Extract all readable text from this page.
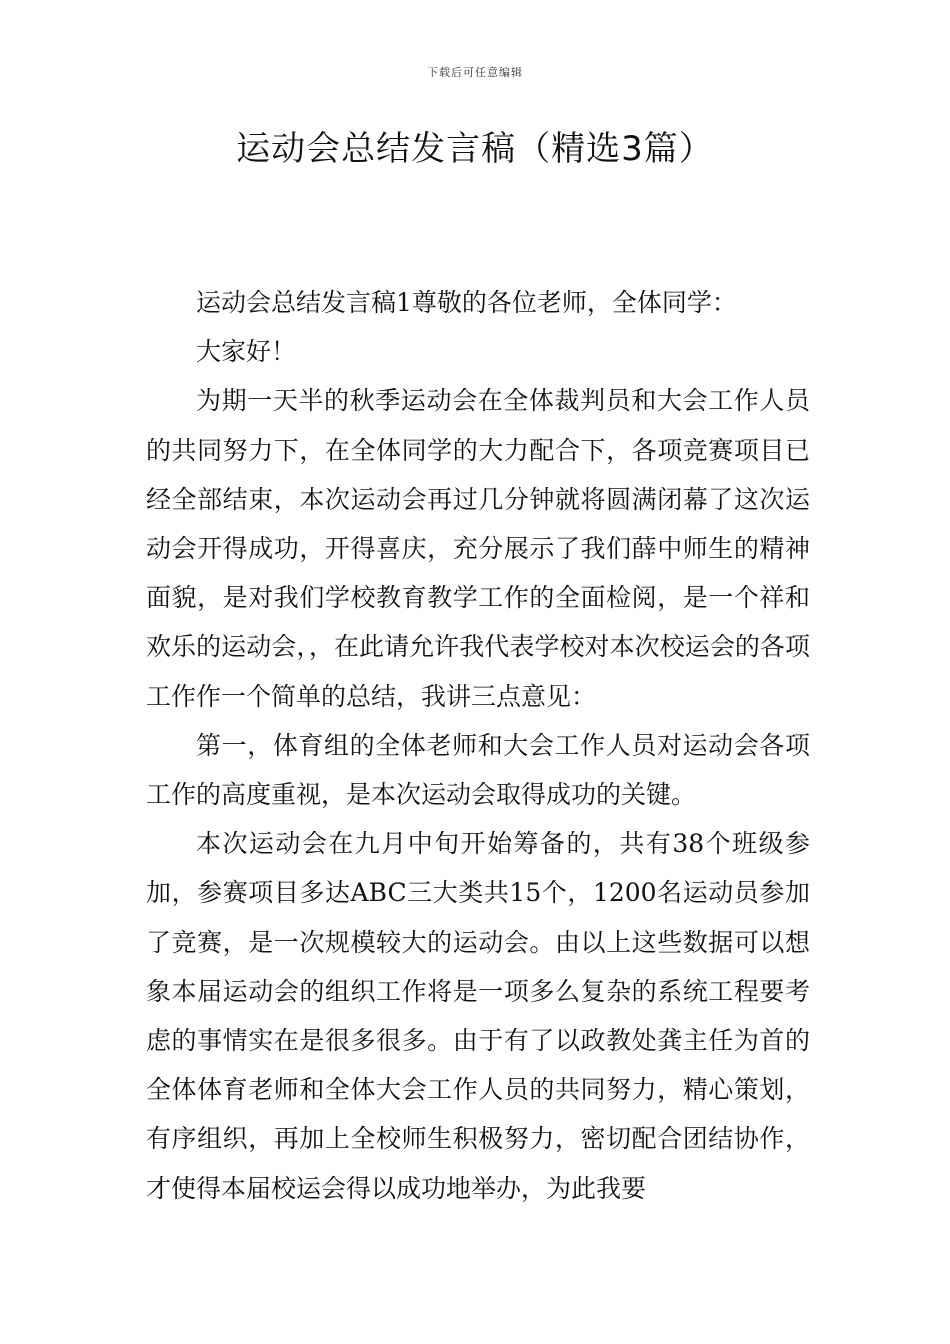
下载后可任意编辑
运动会总结发言稿（精选3篇）

运动会总结发言稿1尊敬的各位老师，全体同学：

大家好！

为期一天半的秋季运动会在全体裁判员和大会工作人员的共同努力下，在全体同学的大力配合下，各项竞赛项目已经全部结束，本次运动会再过几分钟就将圆满闭幕了这次运动会开得成功，开得喜庆，充分展示了我们薛中师生的精神面貌，是对我们学校教育教学工作的全面检阅，是一个祥和欢乐的运动会，，在此请允许我代表学校对本次校运会的各项工作作一个简单的总结，我讲三点意见：

第一，体育组的全体老师和大会工作人员对运动会各项工作的高度重视，是本次运动会取得成功的关键。

本次运动会在九月中旬开始筹备的，共有38个班级参加，参赛项目多达ABC三大类共15个，1200名运动员参加了竞赛，是一次规模较大的运动会。由以上这些数据可以想象本届运动会的组织工作将是一项多么复杂的系统工程要考虑的事情实在是很多很多。由于有了以政教处龚主任为首的全体体育老师和全体大会工作人员的共同努力，精心策划，有序组织，再加上全校师生积极努力，密切配合团结协作，才使得本届校运会得以成功地举办，为此我要
